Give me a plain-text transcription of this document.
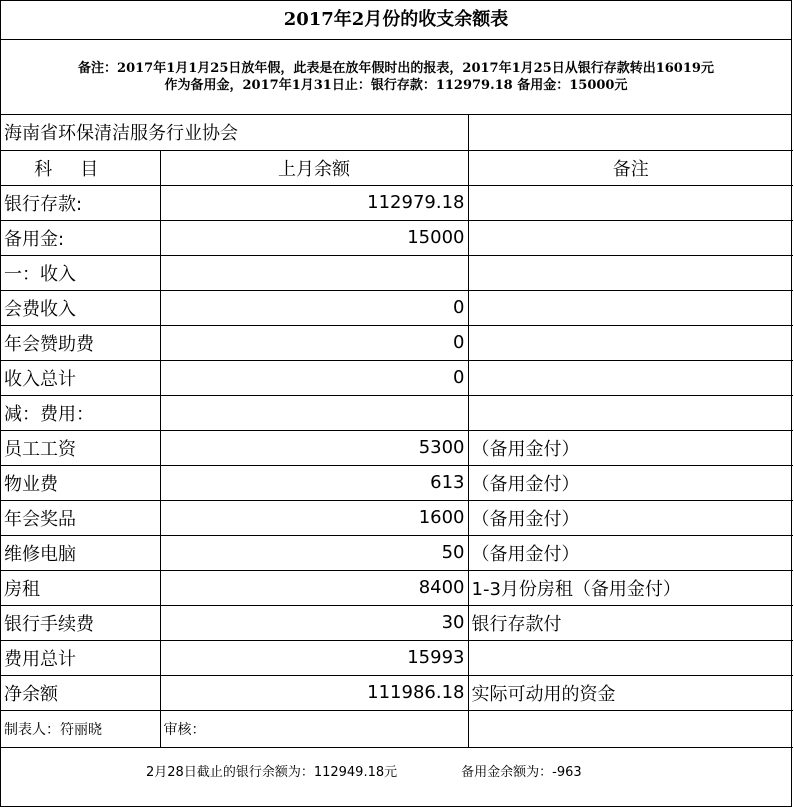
2017年2月份的收支余额表
备注：2017年1月1月25日放年假，此表是在放年假时出的报表，2017年1月25日从银行存款转出16019元
作为备用金，2017年1月31日止：银行存款：112979.18 备用金：15000元
海南省环保清洁服务行业协会		
科目	上月余额	备注
银行存款:	112979.18	
备用金:	15000	
一：收入		
会费收入	0	
年会赞助费	0	
收入总计	0	
减：费用：		
员工工资	5300	（备用金付）
物业费	613	（备用金付）
年会奖品	1600	（备用金付）
维修电脑	50	（备用金付）
房租	8400	1-3月份房租（备用金付）
银行手续费	30	银行存款付
费用总计	15993	
净余额	111986.18	实际可动用的资金
制表人：符丽晓	审核：	
2月28日截止的银行余额为：112949.18元	备用金余额为：-963
